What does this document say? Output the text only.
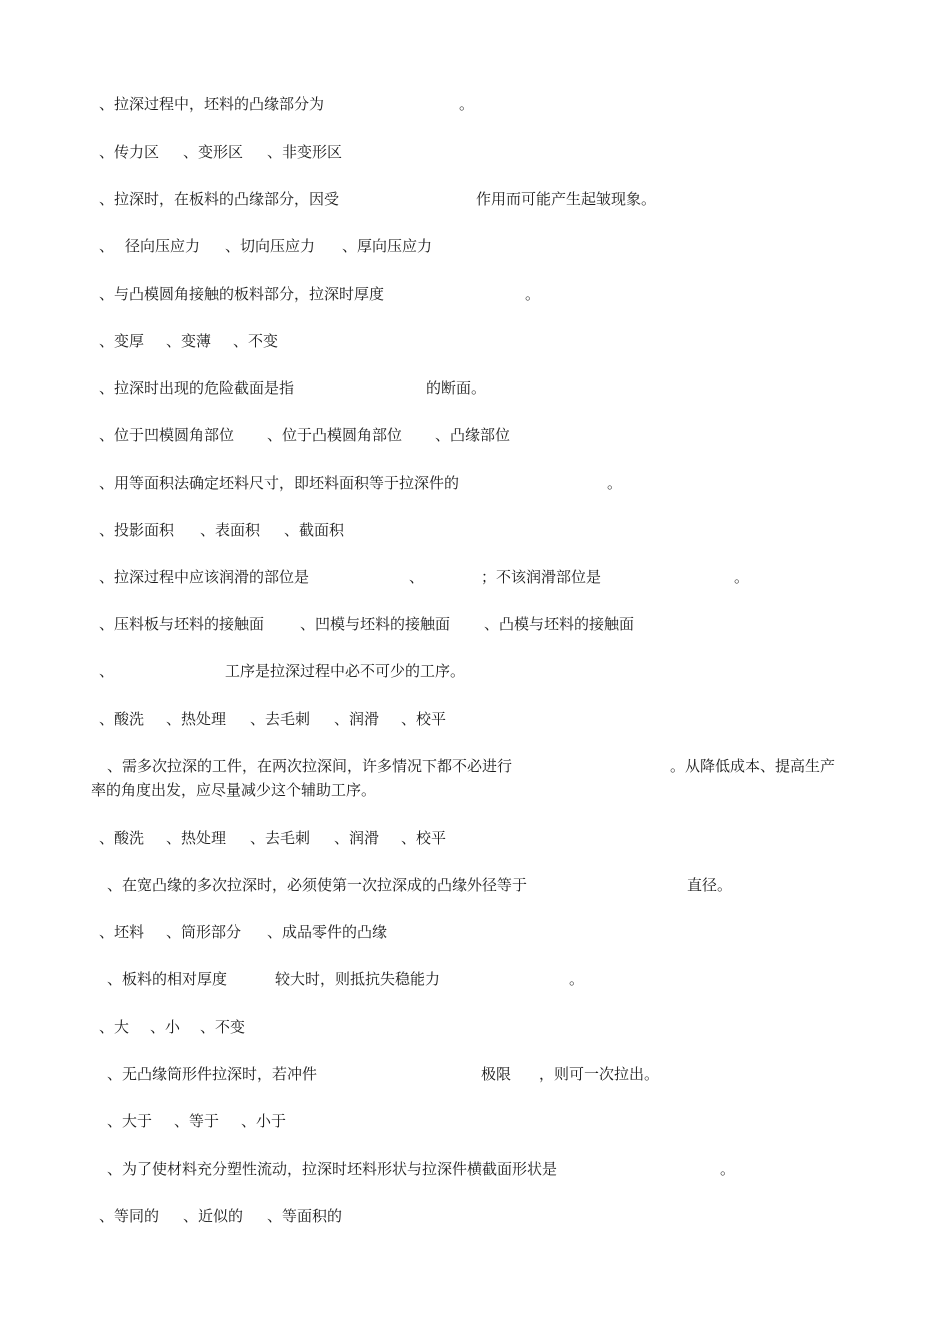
、拉深过程中，坯料的凸缘部分为	。
、传力区 、变形区 、非变形区
、拉深时，在板料的凸缘部分，因受	作用而可能产生起皱现象。
、 径向压应力 、切向压应力 、厚向压应力
、与凸模圆角接触的板料部分，拉深时厚度	。
、变厚 、变薄 、不变
、拉深时出现的危险截面是指	的断面。
、位于凹模圆角部位 、位于凸模圆角部位 、凸缘部位
、用等面积法确定坯料尺寸，即坯料面积等于拉深件的	。
、投影面积 、表面积 、截面积
、拉深过程中应该润滑的部位是	、	；不该润滑部位是	。
、压料板与坯料的接触面 、凹模与坯料的接触面 、凸模与坯料的接触面
、	工序是拉深过程中必不可少的工序。
、酸洗 、热处理 、去毛刺 、润滑 、校平
、需多次拉深的工件，在两次拉深间，许多情况下都不必进行	。从降低成本、提高生产
率的角度出发，应尽量减少这个辅助工序。
、酸洗 、热处理 、去毛刺 、润滑 、校平
、在宽凸缘的多次拉深时，必须使第一次拉深成的凸缘外径等于	直径。
、坯料 、筒形部分 、成品零件的凸缘
、板料的相对厚度	较大时，则抵抗失稳能力	。
、大 、小 、不变
、无凸缘筒形件拉深时，若冲件	极限 ，则可一次拉出。
、大于 、等于 、小于
、为了使材料充分塑性流动，拉深时坯料形状与拉深件横截面形状是	。
、等同的 、近似的 、等面积的
